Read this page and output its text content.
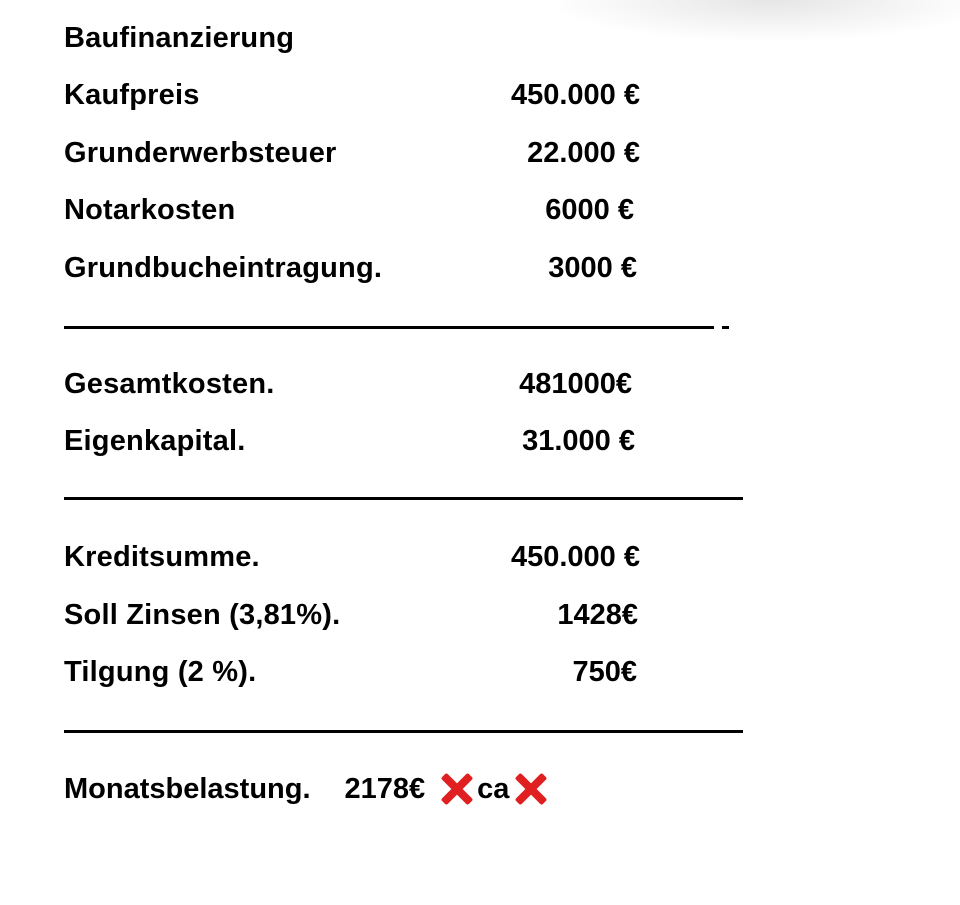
Baufinanzierung
Kaufpreis	450.000 €
Grunderwerbsteuer	22.000 €
Notarkosten	6000 €
Grundbucheintragung.	3000 €
Gesamtkosten.	481000€
Eigenkapital.	31.000 €
Kreditsumme.	450.000 €
Soll Zinsen (3,81%).	1428€
Tilgung (2 %).	750€
Monatsbelastung. 2178€ ca
